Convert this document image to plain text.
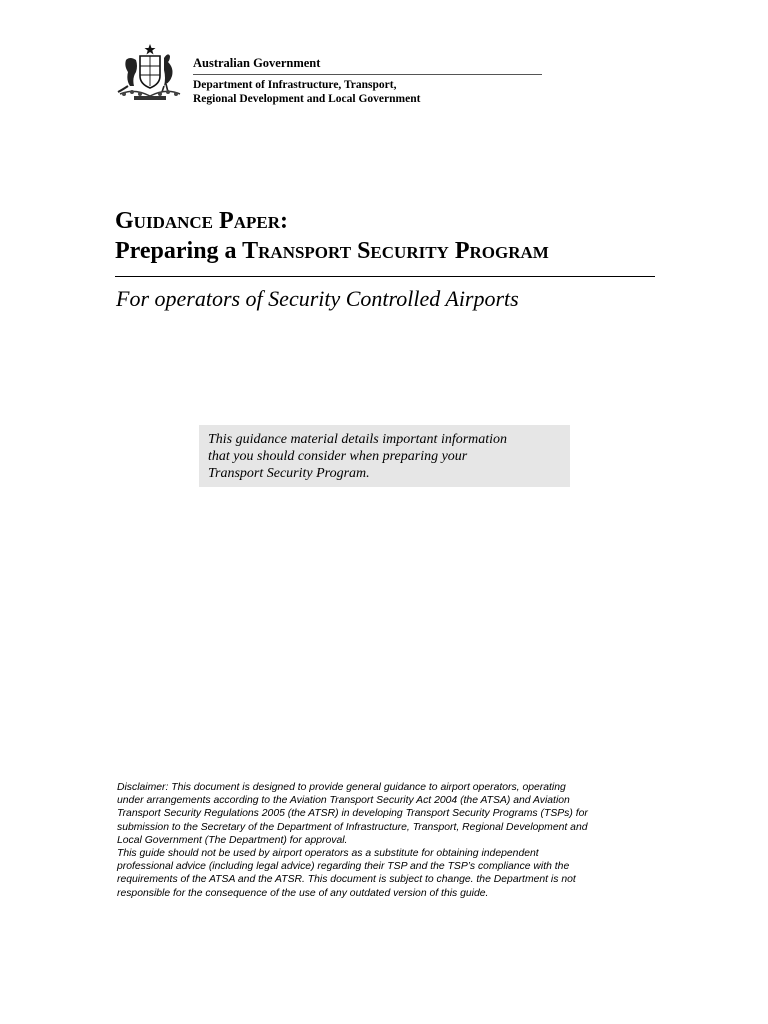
Australian Government
Department of Infrastructure, Transport,
Regional Development and Local Government
Guidance Paper:
Preparing a Transport Security Program
For operators of Security Controlled Airports
This guidance material details important information
that you should consider when preparing your
Transport Security Program.
Disclaimer: This document is designed to provide general guidance to airport operators, operating
under arrangements according to the Aviation Transport Security Act 2004 (the ATSA) and Aviation
Transport Security Regulations 2005 (the ATSR) in developing Transport Security Programs (TSPs) for
submission to the Secretary of the Department of Infrastructure, Transport, Regional Development and
Local Government (The Department) for approval.
This guide should not be used by airport operators as a substitute for obtaining independent
professional advice (including legal advice) regarding their TSP and the TSP’s compliance with the
requirements of the ATSA and the ATSR. This document is subject to change. the Department is not
responsible for the consequence of the use of any outdated version of this guide.
